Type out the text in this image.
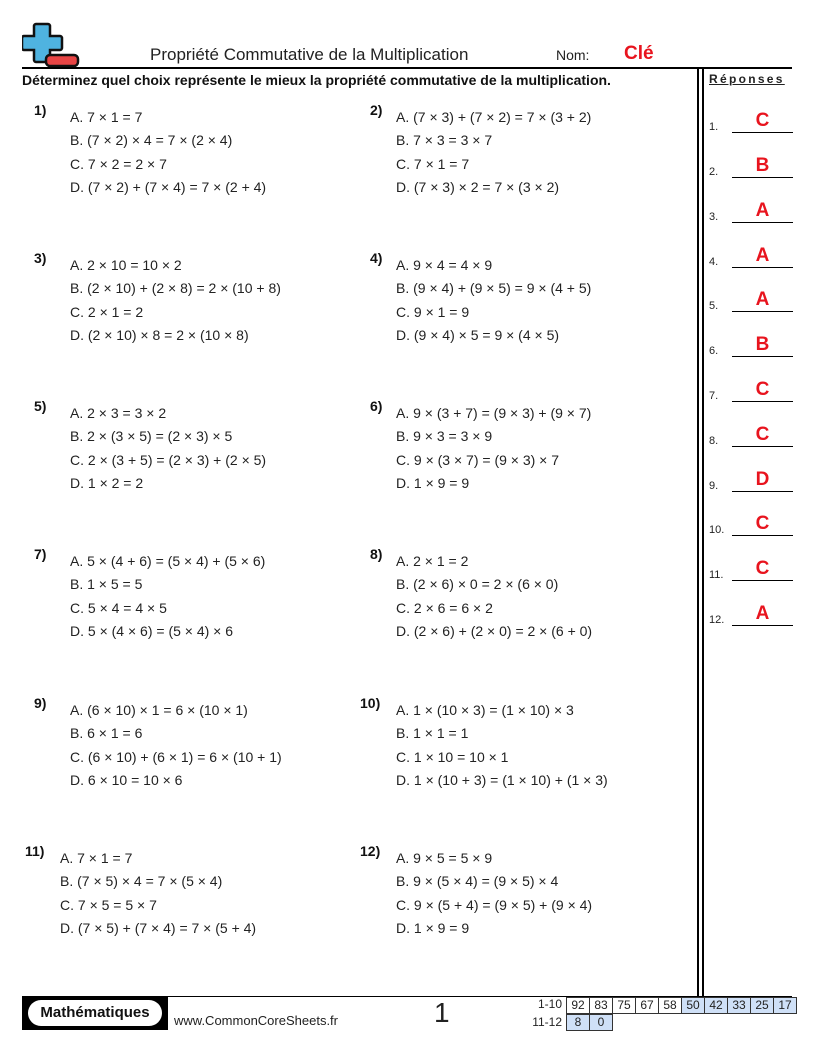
Propriété Commutative de la Multiplication	Nom: Clé
Déterminez quel choix représente le mieux la propriété commutative de la multiplication.
1) A. 7 × 1 = 7
B. (7 × 2) × 4 = 7 × (2 × 4)
C. 7 × 2 = 2 × 7
D. (7 × 2) + (7 × 4) = 7 × (2 + 4)
2) A. (7 × 3) + (7 × 2) = 7 × (3 + 2)
B. 7 × 3 = 3 × 7
C. 7 × 1 = 7
D. (7 × 3) × 2 = 7 × (3 × 2)
3) A. 2 × 10 = 10 × 2
B. (2 × 10) + (2 × 8) = 2 × (10 + 8)
C. 2 × 1 = 2
D. (2 × 10) × 8 = 2 × (10 × 8)
4) A. 9 × 4 = 4 × 9
B. (9 × 4) + (9 × 5) = 9 × (4 + 5)
C. 9 × 1 = 9
D. (9 × 4) × 5 = 9 × (4 × 5)
5) A. 2 × 3 = 3 × 2
B. 2 × (3 × 5) = (2 × 3) × 5
C. 2 × (3 + 5) = (2 × 3) + (2 × 5)
D. 1 × 2 = 2
6) A. 9 × (3 + 7) = (9 × 3) + (9 × 7)
B. 9 × 3 = 3 × 9
C. 9 × (3 × 7) = (9 × 3) × 7
D. 1 × 9 = 9
7) A. 5 × (4 + 6) = (5 × 4) + (5 × 6)
B. 1 × 5 = 5
C. 5 × 4 = 4 × 5
D. 5 × (4 × 6) = (5 × 4) × 6
8) A. 2 × 1 = 2
B. (2 × 6) × 0 = 2 × (6 × 0)
C. 2 × 6 = 6 × 2
D. (2 × 6) + (2 × 0) = 2 × (6 + 0)
9) A. (6 × 10) × 1 = 6 × (10 × 1)
B. 6 × 1 = 6
C. (6 × 10) + (6 × 1) = 6 × (10 + 1)
D. 6 × 10 = 10 × 6
10) A. 1 × (10 × 3) = (1 × 10) × 3
B. 1 × 1 = 1
C. 1 × 10 = 10 × 1
D. 1 × (10 + 3) = (1 × 10) + (1 × 3)
11) A. 7 × 1 = 7
B. (7 × 5) × 4 = 7 × (5 × 4)
C. 7 × 5 = 5 × 7
D. (7 × 5) + (7 × 4) = 7 × (5 + 4)
12) A. 9 × 5 = 5 × 9
B. 9 × (5 × 4) = (9 × 5) × 4
C. 9 × (5 + 4) = (9 × 5) + (9 × 4)
D. 1 × 9 = 9
Réponses
1.	C
2.	B
3.	A
4.	A
5.	A
6.	B
7.	C
8.	C
9.	D
10.	C
11.	C
12.	A
Mathématiques	www.CommonCoreSheets.fr	1	1-10 92 83 75 67 58 50 42 33 25 17
11-12	8	0
